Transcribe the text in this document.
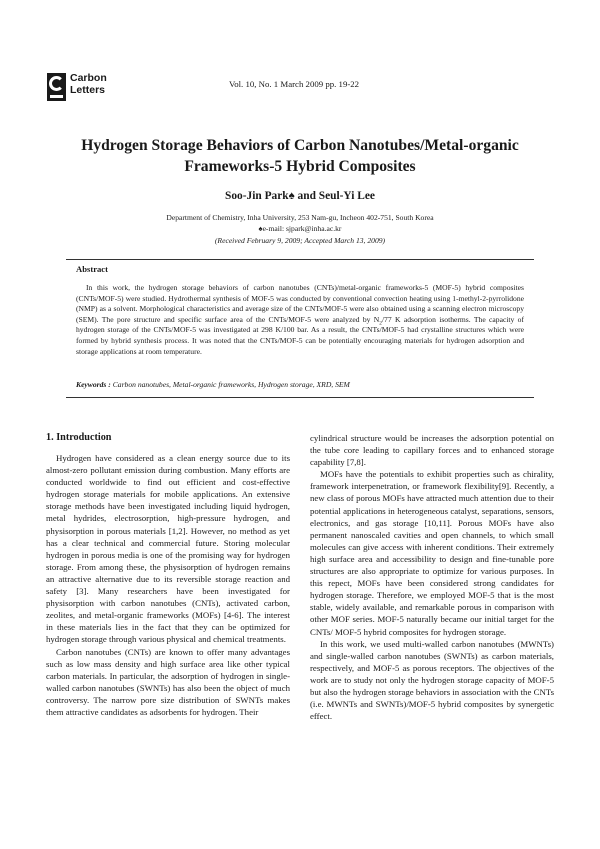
Carbon
Letters	Vol. 10, No. 1 March 2009 pp. 19-22
Hydrogen Storage Behaviors of Carbon Nanotubes/Metal-organic
Frameworks-5 Hybrid Composites
Soo-Jin Park♠ and Seul-Yi Lee
Department of Chemistry, Inha University, 253 Nam-gu, Incheon 402-751, South Korea
♠e-mail: sjpark@inha.ac.kr
(Received February 9, 2009; Accepted March 13, 2009)
Abstract

In this work, the hydrogen storage behaviors of carbon nanotubes (CNTs)/metal-organic frameworks-5 (MOF-5) hybrid composites (CNTs/MOF-5) were studied. Hydrothermal synthesis of MOF-5 was conducted by conventional convection heating using 1-methyl-2-pyrrolidone (NMP) as a solvent. Morphological characteristics and average size of the CNTs/MOF-5 were also obtained using a scanning electron microscopy (SEM). The pore structure and specific surface area of the CNTs/MOF-5 were analyzed by $N_2/77$ K adsorption isotherms. The capacity of hydrogen storage of the CNTs/MOF-5 was investigated at 298 K/100 bar. As a result, the CNTs/MOF-5 had crystalline structures which were formed by hybrid synthesis process. It was noted that the CNTs/MOF-5 can be potentially encouraging materials for hydrogen adsorption and storage applications at room temperature.

Keywords : Carbon nanotubes, Metal-organic frameworks, Hydrogen storage, XRD, SEM
1. Introduction

Hydrogen have considered as a clean energy source due to its almost-zero pollutant emission during combustion. Many efforts are conducted worldwide to find out efficient and cost-effective hydrogen storage materials for mobile applications. An extensive storage methods have been investigated including liquid hydrogen, metal hydrides, electrosorption, high-pressure hydrogen, and physisorption in porous materials [1,2]. However, no method as yet has a clear technical and commercial future. Storing molecular hydrogen in porous media is one of the promising way for hydrogen storage. From among these, the physisorption of hydrogen remains an attractive alternative due to its reversible storage reaction and safety [3]. Many researchers have been investigated for physisorption with carbon nanotubes (CNTs), activated carbon, zeolites, and metal-organic frameworks (MOFs) [4-6]. The interest in these materials lies in the fact that they can be optimized for hydrogen storage through various physical and chemical treatments.

Carbon nanotubes (CNTs) are known to offer many advantages such as low mass density and high surface area like other typical carbon materials. In particular, the adsorption of hydrogen in single-walled carbon nanotubes (SWNTs) has also been the object of much controversy. The narrow pore size distribution of SWNTs makes them attractive candidates as adsorbents for hydrogen. Their

cylindrical structure would be increases the adsorption potential on the tube core leading to capillary forces and to enhanced storage capability [7,8].

MOFs have the potentials to exhibit properties such as chirality, framework interpenetration, or framework flexibility[9]. Recently, a new class of porous MOFs have attracted much attention due to their potential applications in heterogeneous catalyst, separations, sensors, electronics, and gas storage [10,11]. Porous MOFs have also permanent nanoscaled cavities and open channels, to which small molecules can give access with inherent conditions. Their extremely high surface area and accessibility to design and fine-tunable pore structures are also appropriate to optimize for various purposes. In this repect, MOFs have been considered strong candidates for hydrogen storage. Therefore, we employed MOF-5 that is the most stable, widely available, and remarkable porous in comparison with other MOF series. MOF-5 naturally became our initial target for the CNTs/ MOF-5 hybrid composites for hydrogen storage.

In this work, we used multi-walled carbon nanotubes (MWNTs) and single-walled carbon nanotubes (SWNTs) as carbon materials, respectively, and MOF-5 as porous receptors. The objectives of the work are to study not only the hydrogen storage capacity of MOF-5 but also the hydrogen storage behaviors in association with the CNTs (i.e. MWNTs and SWNTs)/MOF-5 hybrid composites by synergetic effect.
